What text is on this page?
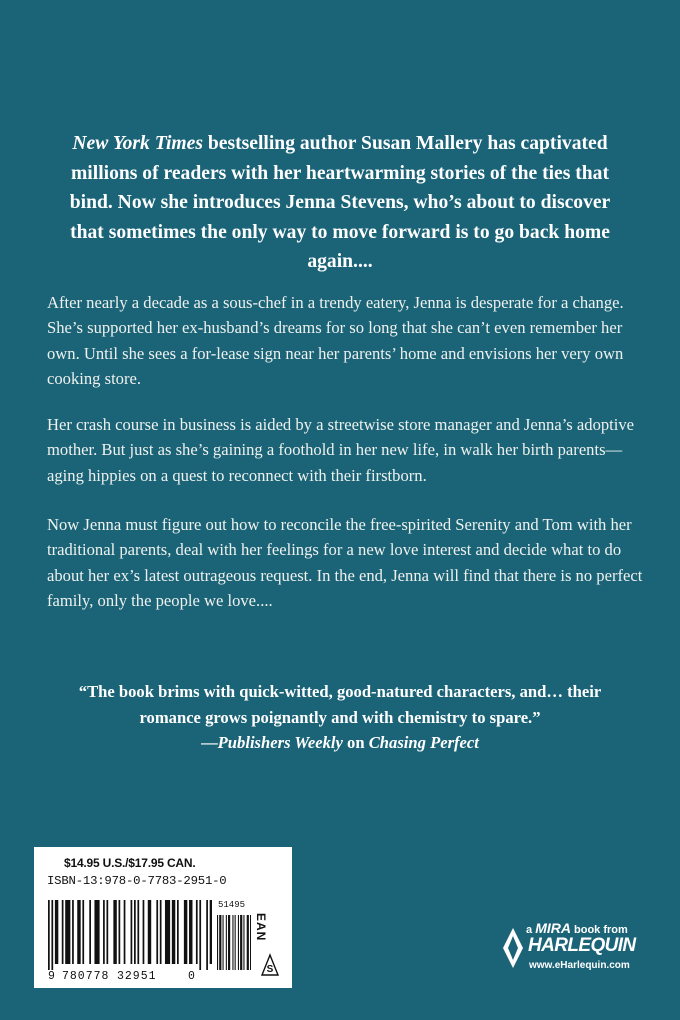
New York Times bestselling author Susan Mallery has captivated millions of readers with her heartwarming stories of the ties that bind. Now she introduces Jenna Stevens, who’s about to discover that sometimes the only way to move forward is to go back home again....

After nearly a decade as a sous-chef in a trendy eatery, Jenna is desperate for a change. She’s supported her ex-husband’s dreams for so long that she can’t even remember her own. Until she sees a for-lease sign near her parents’ home and envisions her very own cooking store.

Her crash course in business is aided by a streetwise store manager and Jenna’s adoptive mother. But just as she’s gaining a foothold in her new life, in walk her birth parents—aging hippies on a quest to reconnect with their firstborn.

Now Jenna must figure out how to reconcile the free-spirited Serenity and Tom with her traditional parents, deal with her feelings for a new love interest and decide what to do about her ex’s latest outrageous request. In the end, Jenna will find that there is no perfect family, only the people we love....

“The book brims with quick-witted, good-natured characters, and… their romance grows poignantly and with chemistry to spare.”
—Publishers Weekly on Chasing Perfect
$14.95 U.S./$17.95 CAN.
ISBN-13:978-0-7783-2951-0
51495
EAN
S
9 780778 32951	0
a MIRA book from
HARLEQUIN
www.eHarlequin.com
